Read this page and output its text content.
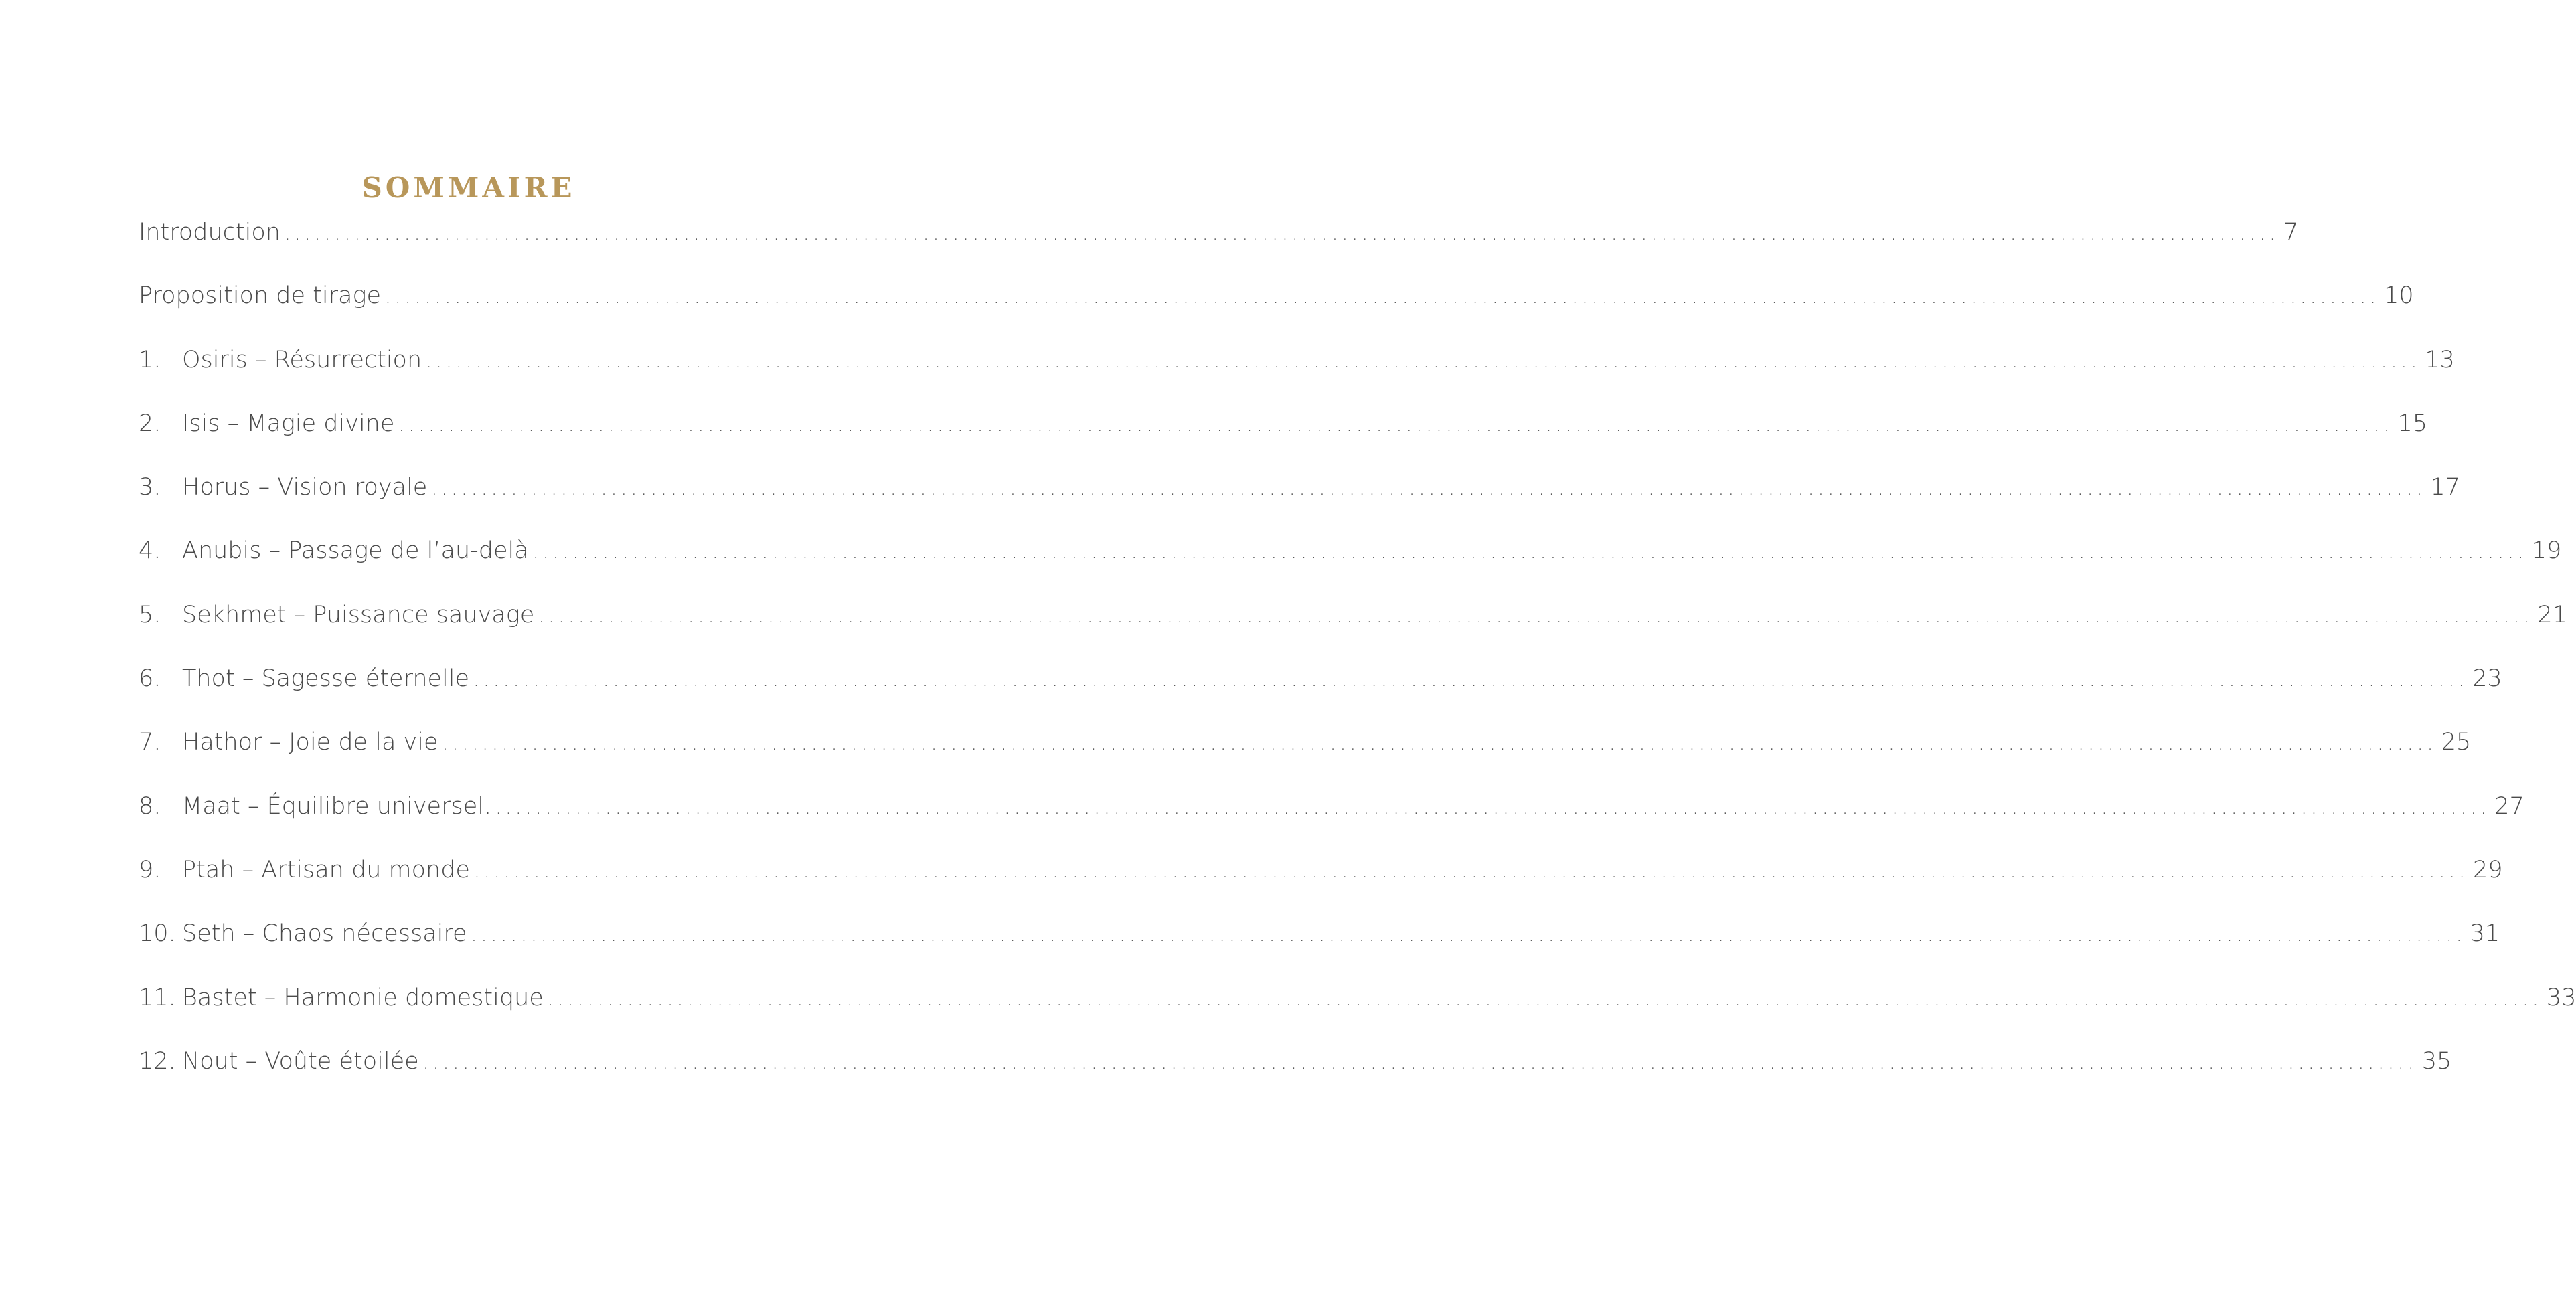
SOMMAIRE
Introduction ........................................................................................................................................................................................................ 7
Proposition de tirage ........................................................................................................................................................................................................ 10
1. Osiris – Résurrection ........................................................................................................................................................................................................ 13
2. Isis – Magie divine ........................................................................................................................................................................................................ 15
3. Horus – Vision royale ........................................................................................................................................................................................................ 17
4. Anubis – Passage de l’au-delà ........................................................................................................................................................................................................ 19
5. Sekhmet – Puissance sauvage ........................................................................................................................................................................................................ 21
6. Thot – Sagesse éternelle ........................................................................................................................................................................................................ 23
7. Hathor – Joie de la vie ........................................................................................................................................................................................................ 25
8. Maat – Équilibre universel. ........................................................................................................................................................................................................ 27
9. Ptah – Artisan du monde ........................................................................................................................................................................................................ 29
10. Seth – Chaos nécessaire ........................................................................................................................................................................................................ 31
11. Bastet – Harmonie domestique ........................................................................................................................................................................................................ 33
12. Nout – Voûte étoilée ........................................................................................................................................................................................................ 35
